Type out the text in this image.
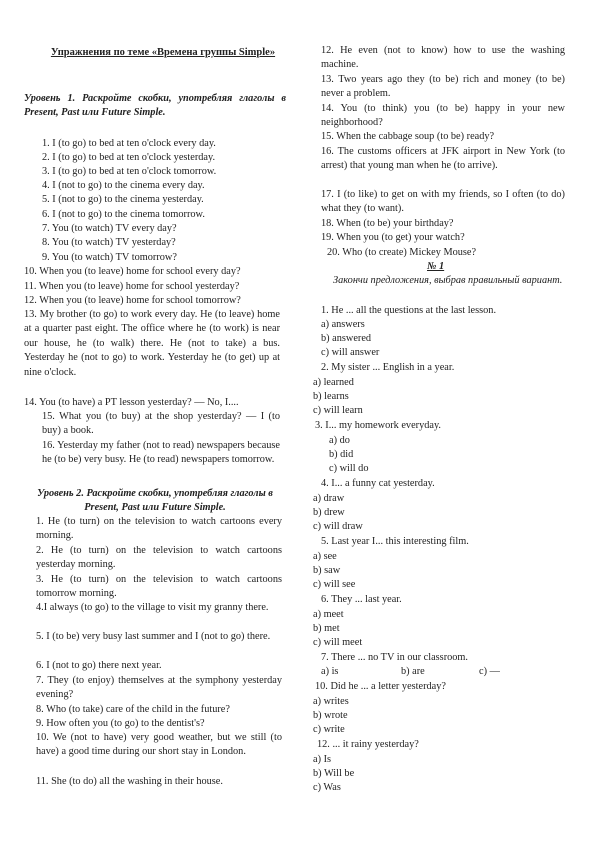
Упражнения по теме «Времена группы Simple»
Уровень 1. Раскройте скобки, употребляя глаголы в Present, Past или Future Simple.
1. I (to go) to bed at ten o'clock every day.
2. I (to go) to bed at ten o'clock yesterday.
3. I (to go) to bed at ten o'clock tomorrow.
4. I (not to go) to the cinema every day.
5. I (not to go) to the cinema yesterday.
6. I (not to go) to the cinema tomorrow.
7. You (to watch) TV every day?
8. You (to watch) TV yesterday?
9. You (to watch) TV tomorrow?
10. When you (to leave) home for school every day?
11. When you (to leave) home for school yesterday?
12. When you (to leave) home for school tomorrow?
13. My brother (to go) to work every day. He (to leave) home at a quarter past eight. The office where he (to work) is near our house, he (to walk) there. He (not to take) a bus. Yesterday he (not to go) to work. Yesterday he (to get) up at nine o'clock.
14. You (to have) a PT lesson yesterday? — No, I....
15. What you (to buy) at the shop yesterday? — I (to buy) a book.
16. Yesterday my father (not to read) newspapers because he (to be) very busy. He (to read) newspapers tomorrow.
Уровень 2. Раскройте скобки, употребляя глаголы в Present, Past или Future Simple.
1. He (to turn) on the television to watch cartoons every morning.
2. He (to turn) on the television to watch cartoons yesterday morning.
3. He (to turn) on the television to watch cartoons tomorrow morning.
4.I always (to go) to the village to visit my granny there.
5. I (to be) very busy last summer and I (not to go) there.
6. I (not to go) there next year.
7. They (to enjoy) themselves at the symphony yesterday evening?
8. Who (to take) care of the child in the future?
9. How often you (to go) to the dentist's?
10. We (not to have) very good weather, but we still (to have) a good time during our short stay in London.
11. She (to do) all the washing in their house.
12. He even (not to know) how to use the washing machine.
13. Two years ago they (to be) rich and money (to be) never a problem.
14. You (to think) you (to be) happy in your new neighborhood?
15. When the cabbage soup (to be) ready?
16. The customs officers at JFK airport in New York (to arrest) that young man when he (to arrive).
17. I (to like) to get on with my friends, so I often (to do) what they (to want).
18. When (to be) your birthday?
19. When you (to get) your watch?
20. Who (to create) Mickey Mouse?
№ 1
Закончи предложения, выбрав правильный вариант.
1. He ... all the questions at the last lesson.
a) answers
b) answered
c) will answer
2. My sister ... English in a year.
a) learned
b) learns
c) will learn
3. I... my homework everyday.
a) do
b) did
c) will do
4. I... a funny cat yesterday.
a) draw
b) drew
c) will draw
5. Last year I... this interesting film.
a) see
b) saw
c) will see
6. They ... last year.
a) meet
b) met
c) will meet
7. There ... no TV in our classroom.
a) is	b) are	c) —
10. Did he ... a letter yesterday?
a) writes
b) wrote
c) write
12. ... it rainy yesterday?
a) Is
b) Will be
c) Was
